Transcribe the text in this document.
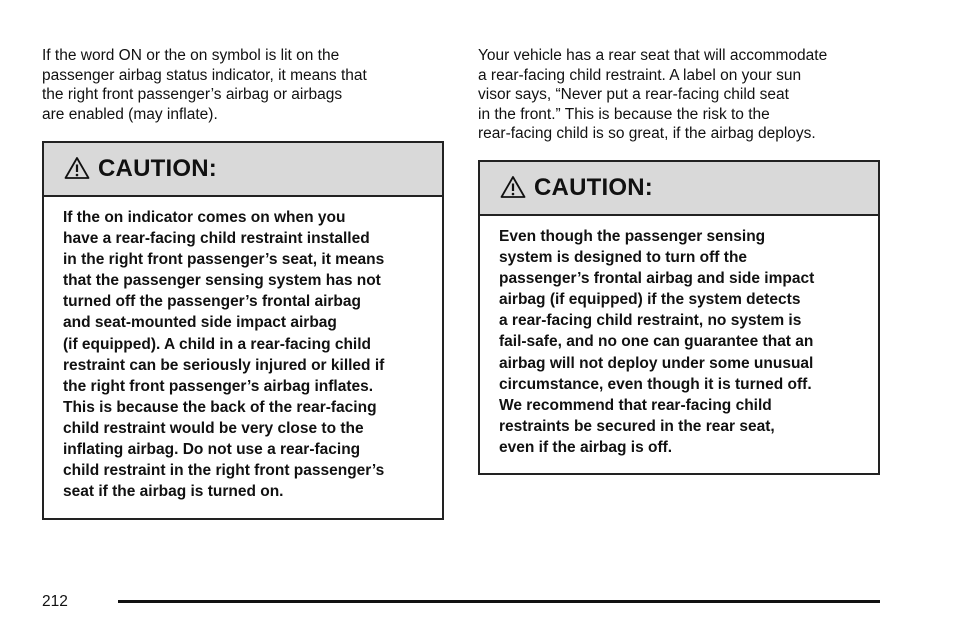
If the word ON or the on symbol is lit on the
passenger airbag status indicator, it means that
the right front passenger’s airbag or airbags
are enabled (may inflate).
Your vehicle has a rear seat that will accommodate
a rear-facing child restraint. A label on your sun
visor says, “Never put a rear-facing child seat
in the front.” This is because the risk to the
rear-facing child is so great, if the airbag deploys.
CAUTION:
If the on indicator comes on when you
have a rear-facing child restraint installed
in the right front passenger’s seat, it means
that the passenger sensing system has not
turned off the passenger’s frontal airbag
and seat-mounted side impact airbag
(if equipped). A child in a rear-facing child
restraint can be seriously injured or killed if
the right front passenger’s airbag inflates.
This is because the back of the rear-facing
child restraint would be very close to the
inflating airbag. Do not use a rear-facing
child restraint in the right front passenger’s
seat if the airbag is turned on.
CAUTION:
Even though the passenger sensing
system is designed to turn off the
passenger’s frontal airbag and side impact
airbag (if equipped) if the system detects
a rear-facing child restraint, no system is
fail-safe, and no one can guarantee that an
airbag will not deploy under some unusual
circumstance, even though it is turned off.
We recommend that rear-facing child
restraints be secured in the rear seat,
even if the airbag is off.
212
